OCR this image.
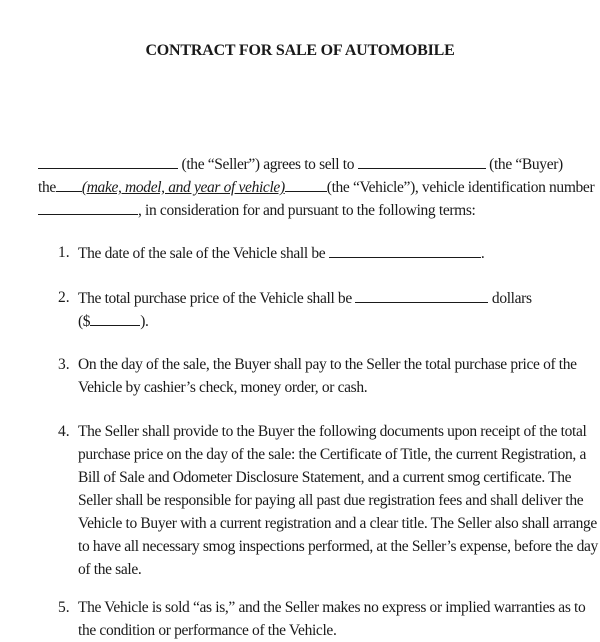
CONTRACT FOR SALE OF AUTOMOBILE
(the “Seller”) agrees to sell to	(the “Buyer)
the (make, model, and year of vehicle)	(the “Vehicle”), vehicle identification number
, in consideration for and pursuant to the following terms:
1. The date of the sale of the Vehicle shall be	.
2. The total purchase price of the Vehicle shall be	dollars
($	).
3. On the day of the sale, the Buyer shall pay to the Seller the total purchase price of the
Vehicle by cashier’s check, money order, or cash.
4. The Seller shall provide to the Buyer the following documents upon receipt of the total
purchase price on the day of the sale: the Certificate of Title, the current Registration, a
Bill of Sale and Odometer Disclosure Statement, and a current smog certificate. The
Seller shall be responsible for paying all past due registration fees and shall deliver the
Vehicle to Buyer with a current registration and a clear title. The Seller also shall arrange
to have all necessary smog inspections performed, at the Seller’s expense, before the day
of the sale.
5. The Vehicle is sold “as is,” and the Seller makes no express or implied warranties as to
the condition or performance of the Vehicle.
